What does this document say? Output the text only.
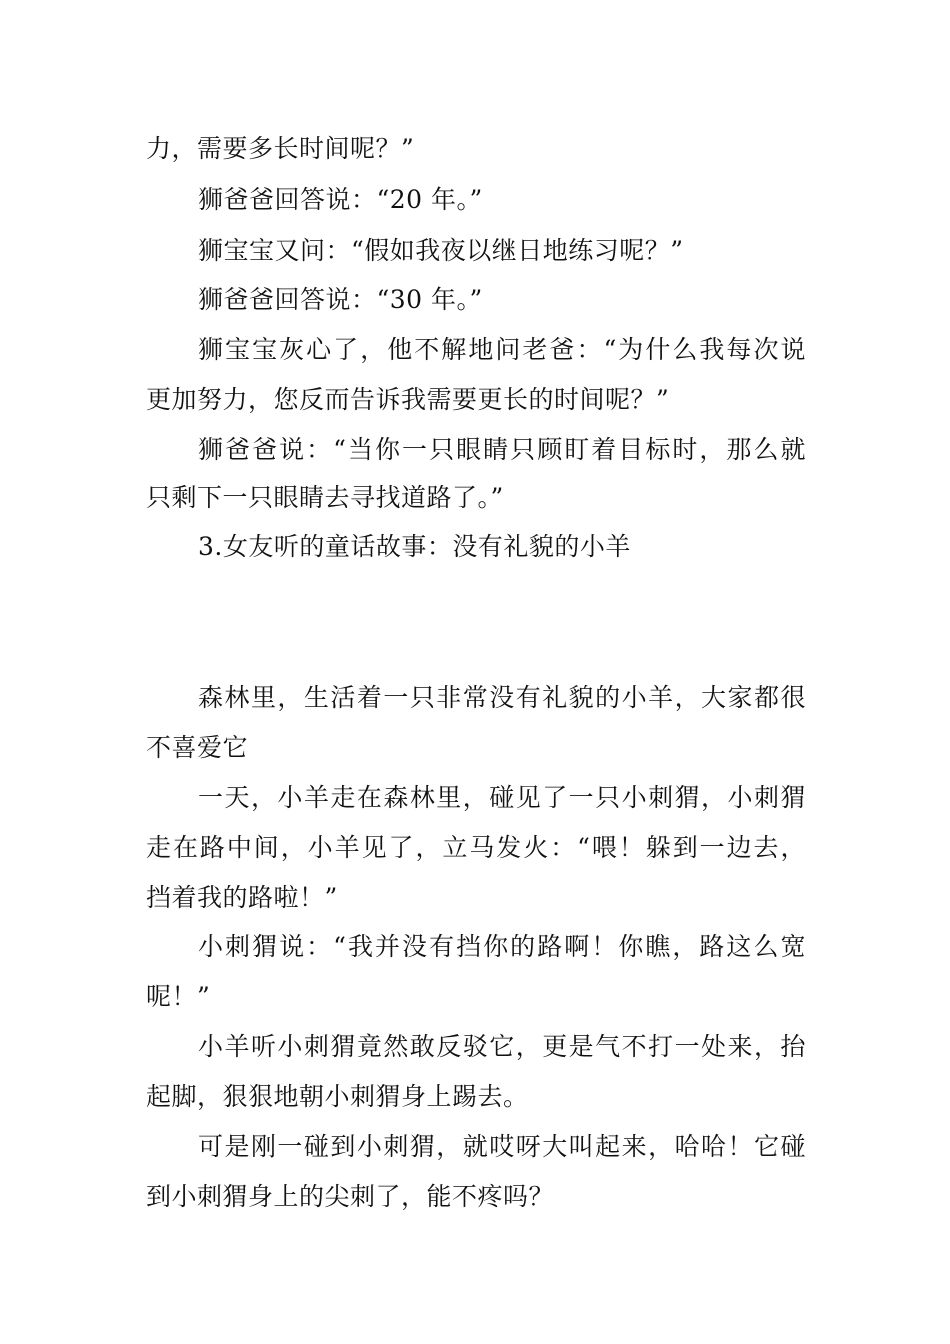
力，需要多长时间呢？”
狮爸爸回答说：“20 年。”
狮宝宝又问：“假如我夜以继日地练习呢？”
狮爸爸回答说：“30 年。”
狮宝宝灰心了，他不解地问老爸：“为什么我每次说
更加努力，您反而告诉我需要更长的时间呢？”
狮爸爸说：“当你一只眼睛只顾盯着目标时，那么就
只剩下一只眼睛去寻找道路了。”
3.女友听的童话故事：没有礼貌的小羊
森林里，生活着一只非常没有礼貌的小羊，大家都很
不喜爱它
一天，小羊走在森林里，碰见了一只小刺猬，小刺猬
走在路中间，小羊见了，立马发火：“喂！躲到一边去，
挡着我的路啦！”
小刺猬说：“我并没有挡你的路啊！你瞧，路这么宽
呢！”
小羊听小刺猬竟然敢反驳它，更是气不打一处来，抬
起脚，狠狠地朝小刺猬身上踢去。
可是刚一碰到小刺猬，就哎呀大叫起来，哈哈！它碰
到小刺猬身上的尖刺了，能不疼吗？
